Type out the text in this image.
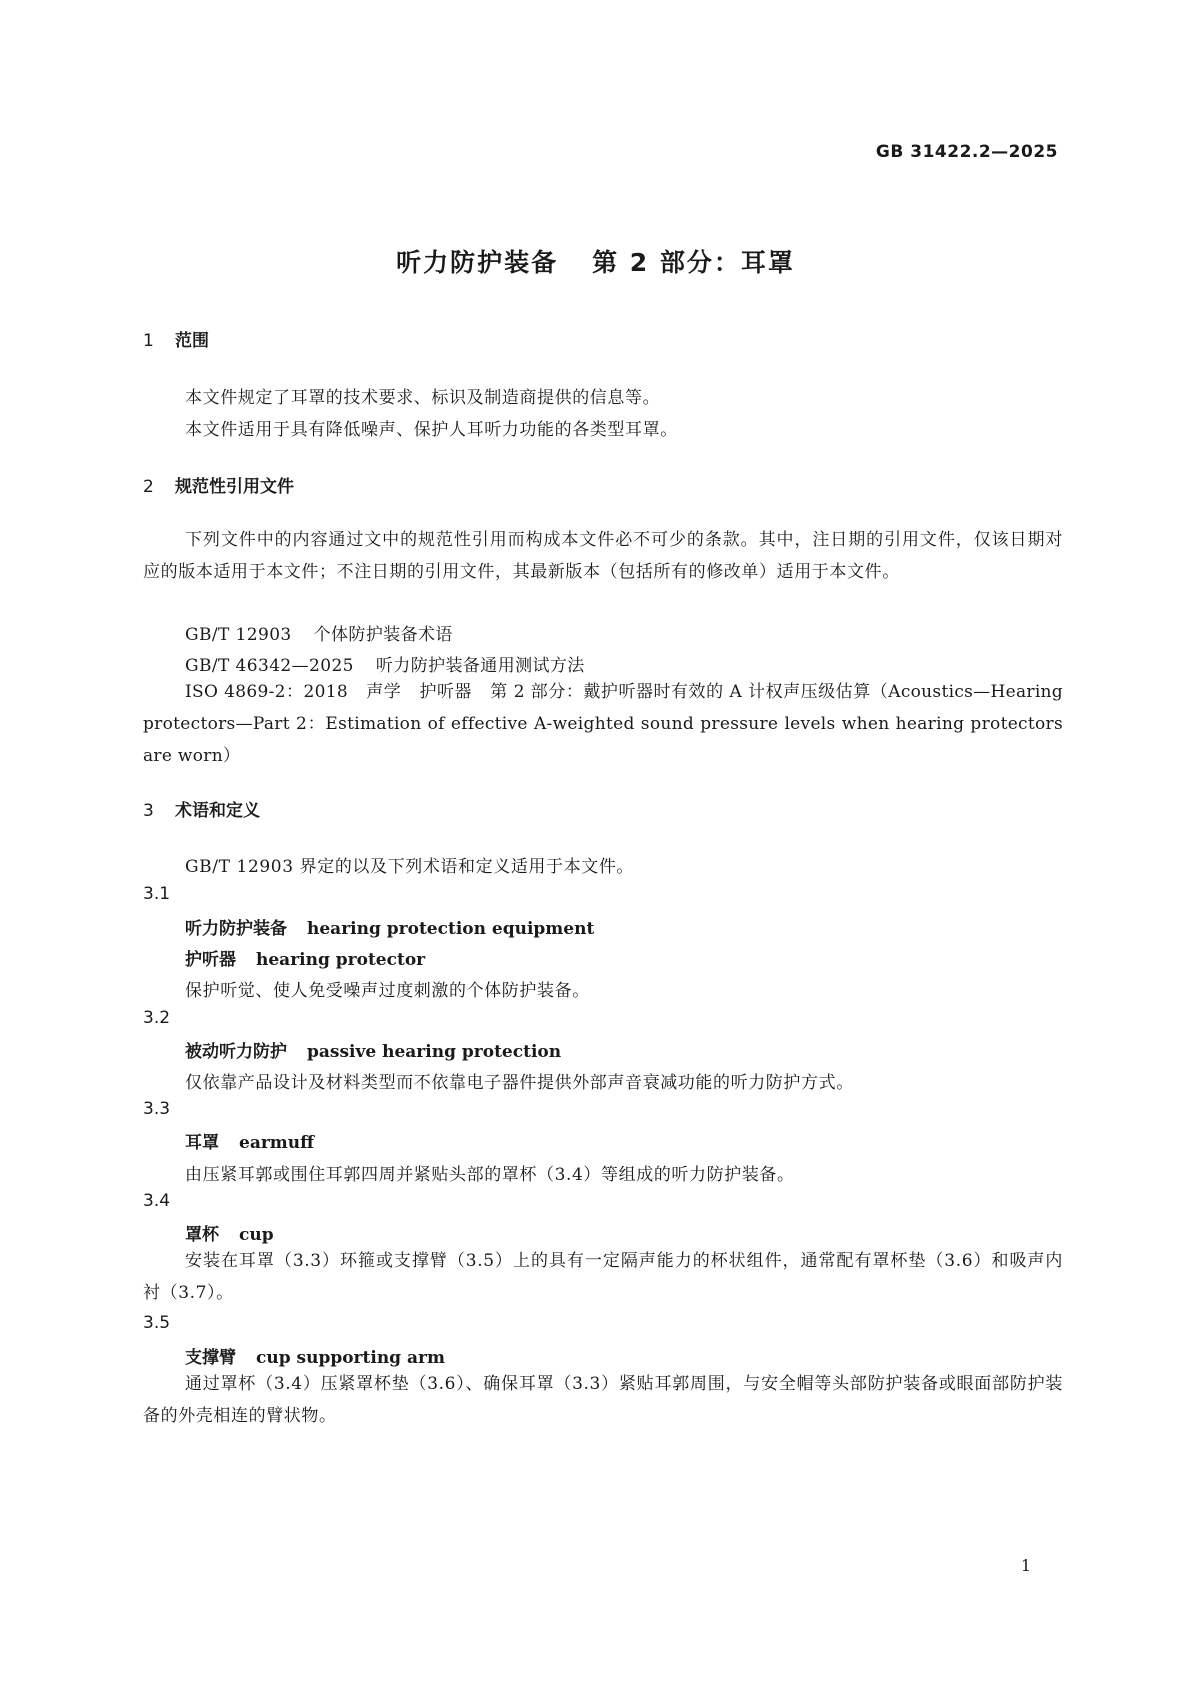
GB 31422.2—2025
听力防护装备 第 2 部分：耳罩
1 范围
本文件规定了耳罩的技术要求、标识及制造商提供的信息等。
本文件适用于具有降低噪声、保护人耳听力功能的各类型耳罩。
2 规范性引用文件
下列文件中的内容通过文中的规范性引用而构成本文件必不可少的条款。其中，注日期的引用文件，仅该日期对应的版本适用于本文件；不注日期的引用文件，其最新版本（包括所有的修改单）适用于本文件。
GB/T 12903 个体防护装备术语
GB/T 46342—2025 听力防护装备通用测试方法
ISO 4869-2：2018 声学 护听器 第 2 部分：戴护听器时有效的 A 计权声压级估算（Acoustics—Hearing protectors—Part 2：Estimation of effective A-weighted sound pressure levels when hearing protectors are worn）
3 术语和定义
GB/T 12903 界定的以及下列术语和定义适用于本文件。
3.1
听力防护装备 hearing protection equipment
护听器 hearing protector
保护听觉、使人免受噪声过度刺激的个体防护装备。
3.2
被动听力防护 passive hearing protection
仅依靠产品设计及材料类型而不依靠电子器件提供外部声音衰减功能的听力防护方式。
3.3
耳罩 earmuff
由压紧耳郭或围住耳郭四周并紧贴头部的罩杯（3.4）等组成的听力防护装备。
3.4
罩杯 cup
安装在耳罩（3.3）环箍或支撑臂（3.5）上的具有一定隔声能力的杯状组件，通常配有罩杯垫（3.6）和吸声内衬（3.7）。
3.5
支撑臂 cup supporting arm
通过罩杯（3.4）压紧罩杯垫（3.6）、确保耳罩（3.3）紧贴耳郭周围，与安全帽等头部防护装备或眼面部防护装备的外壳相连的臂状物。
1
